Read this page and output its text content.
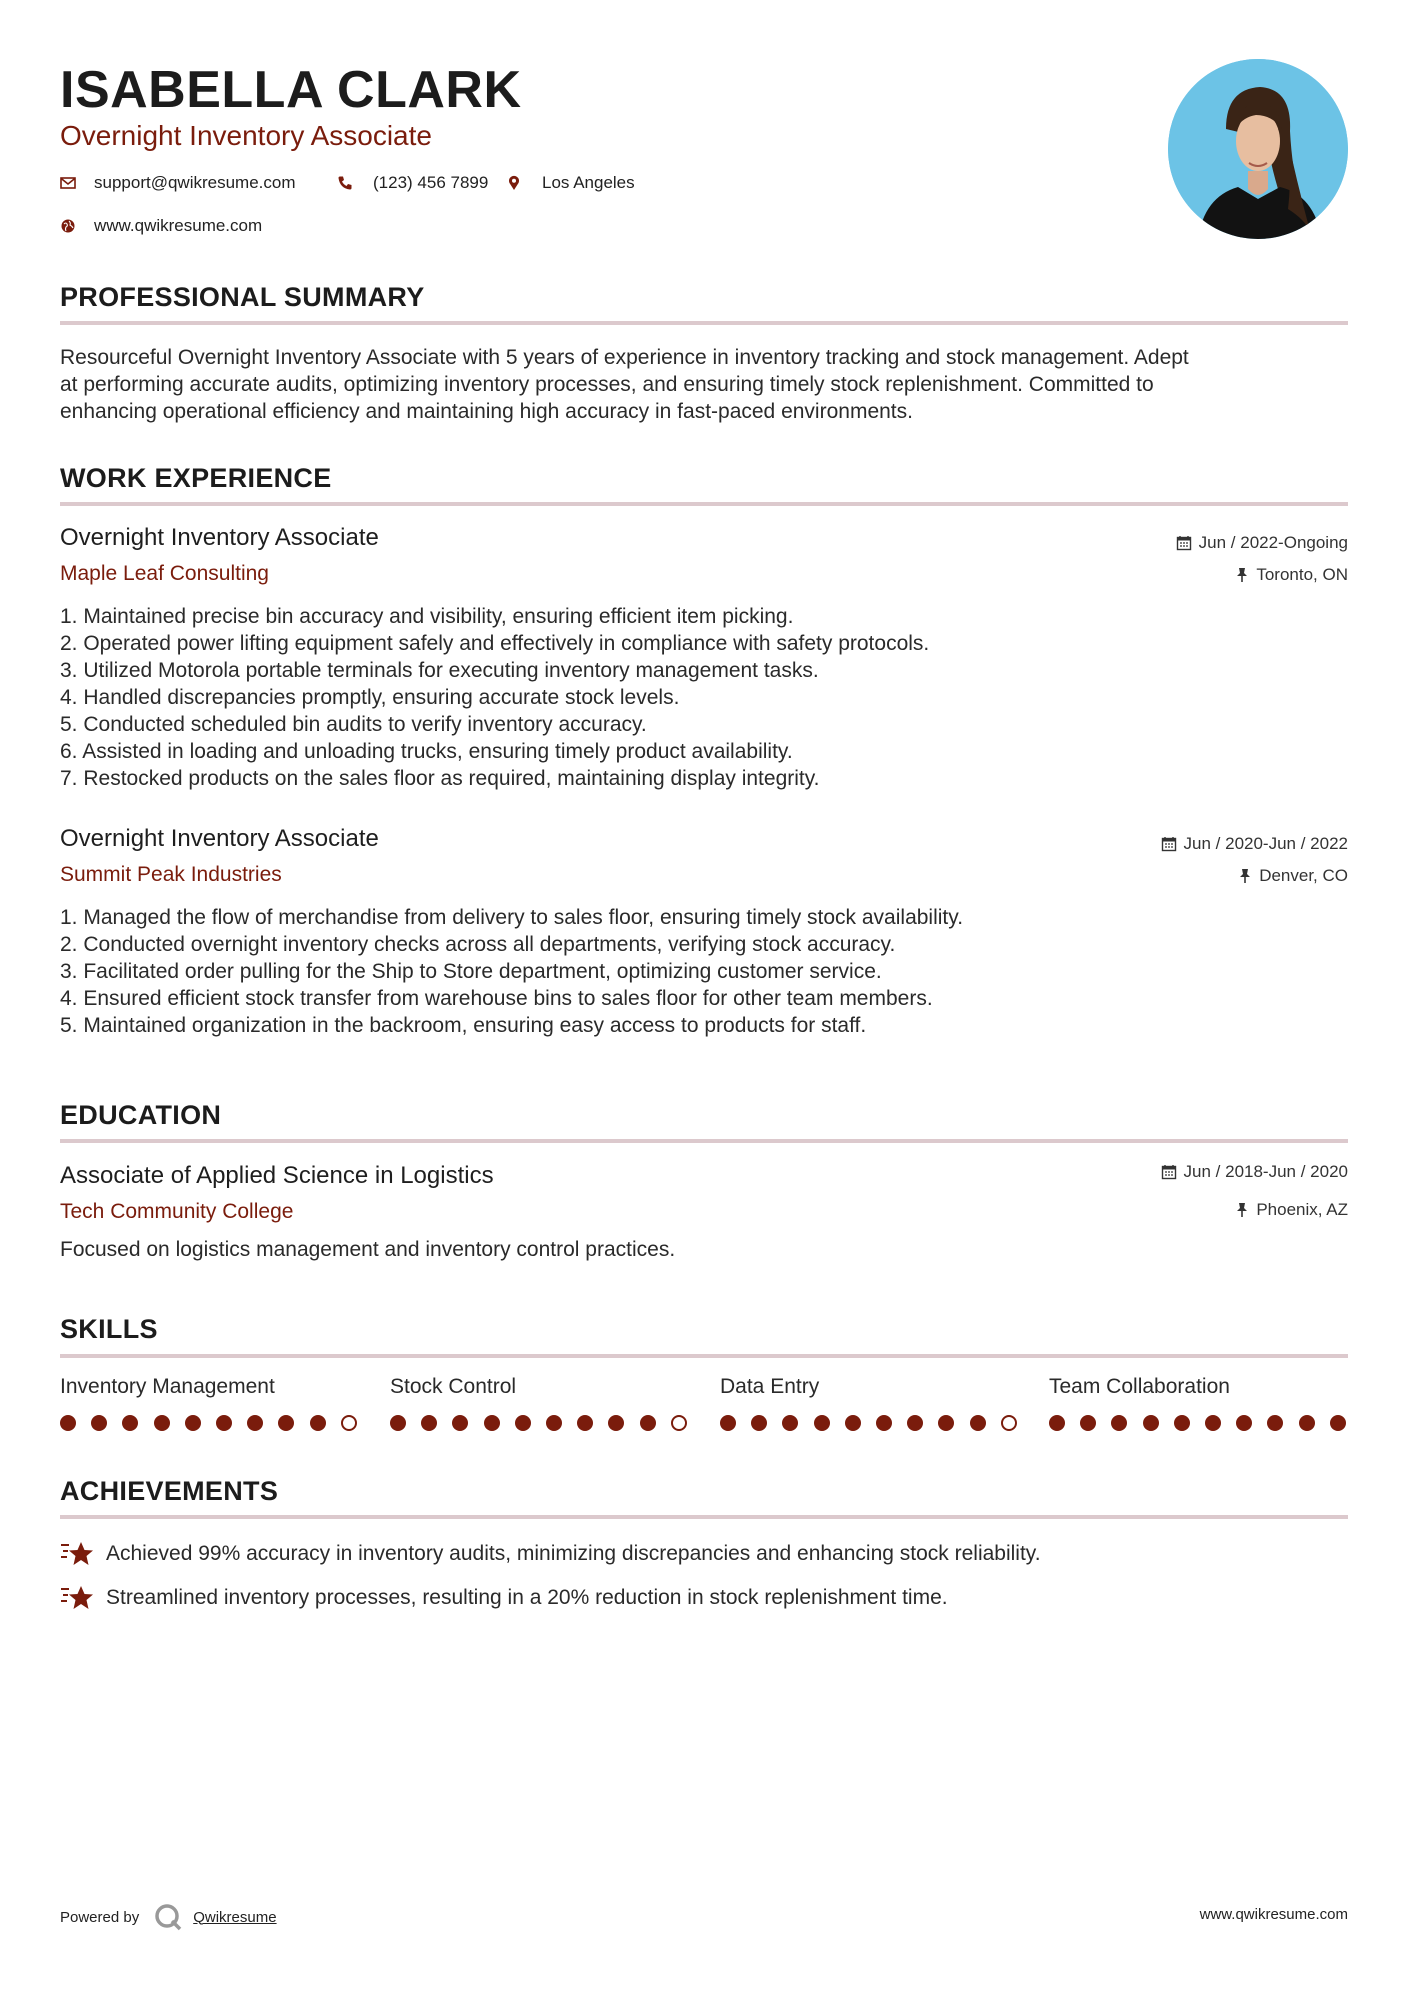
ISABELLA CLARK
Overnight Inventory Associate
support@qwikresume.com	(123) 456 7899	Los Angeles
www.qwikresume.com
PROFESSIONAL SUMMARY
Resourceful Overnight Inventory Associate with 5 years of experience in inventory tracking and stock management. Adept
at performing accurate audits, optimizing inventory processes, and ensuring timely stock replenishment. Committed to
enhancing operational efficiency and maintaining high accuracy in fast-paced environments.
WORK EXPERIENCE
Overnight Inventory Associate
Maple Leaf Consulting
Jun / 2022-Ongoing
Toronto, ON
1. Maintained precise bin accuracy and visibility, ensuring efficient item picking.
2. Operated power lifting equipment safely and effectively in compliance with safety protocols.
3. Utilized Motorola portable terminals for executing inventory management tasks.
4. Handled discrepancies promptly, ensuring accurate stock levels.
5. Conducted scheduled bin audits to verify inventory accuracy.
6. Assisted in loading and unloading trucks, ensuring timely product availability.
7. Restocked products on the sales floor as required, maintaining display integrity.
Overnight Inventory Associate
Summit Peak Industries
Jun / 2020-Jun / 2022
Denver, CO
1. Managed the flow of merchandise from delivery to sales floor, ensuring timely stock availability.
2. Conducted overnight inventory checks across all departments, verifying stock accuracy.
3. Facilitated order pulling for the Ship to Store department, optimizing customer service.
4. Ensured efficient stock transfer from warehouse bins to sales floor for other team members.
5. Maintained organization in the backroom, ensuring easy access to products for staff.
EDUCATION
Associate of Applied Science in Logistics
Tech Community College
Jun / 2018-Jun / 2020
Phoenix, AZ
Focused on logistics management and inventory control practices.
SKILLS
Inventory Management	Stock Control	Data Entry	Team Collaboration
ACHIEVEMENTS
Achieved 99% accuracy in inventory audits, minimizing discrepancies and enhancing stock reliability.
Streamlined inventory processes, resulting in a 20% reduction in stock replenishment time.
Powered by	Qwikresume	www.qwikresume.com
